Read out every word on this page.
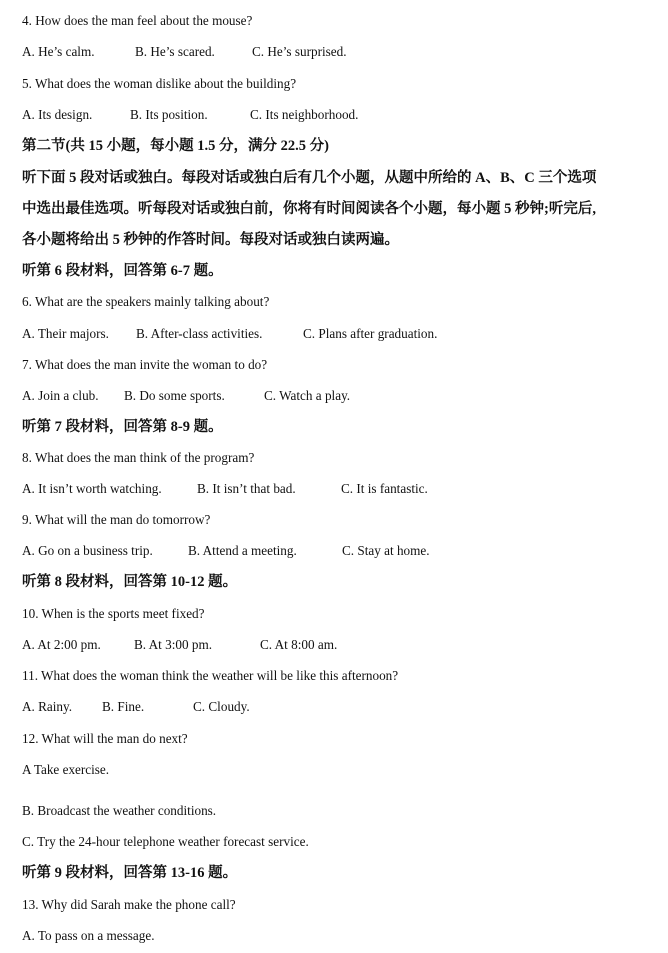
4. How does the man feel about the mouse?
A. He’s calm.	B. He’s scared.	C. He’s surprised.
5. What does the woman dislike about the building?
A. Its design.	B. Its position.	C. Its neighborhood.
第二节(共 15 小题，每小题 1.5 分，满分 22.5 分)
听下面 5 段对话或独白。每段对话或独白后有几个小题，从题中所给的 A、B、C 三个选项
中选出最佳选项。听每段对话或独白前，你将有时间阅读各个小题，每小题 5 秒钟;听完后,
各小题将给出 5 秒钟的作答时间。每段对话或独白读两遍。
听第 6 段材料，回答第 6-7 题。
6. What are the speakers mainly talking about?
A. Their majors. B. After-class activities.	C. Plans after graduation.
7. What does the man invite the woman to do?
A. Join a club. B. Do some sports.	C. Watch a play.
听第 7 段材料，回答第 8-9 题。
8. What does the man think of the program?
A. It isn’t worth watching.	B. It isn’t that bad.	C. It is fantastic.
9. What will the man do tomorrow?
A. Go on a business trip.	B. Attend a meeting.	C. Stay at home.
听第 8 段材料，回答第 10-12 题。
10. When is the sports meet fixed?
A. At 2:00 pm.	B. At 3:00 pm.	C. At 8:00 am.
11. What does the woman think the weather will be like this afternoon?
A. Rainy. B. Fine.	C. Cloudy.
12. What will the man do next?
A Take exercise.
B. Broadcast the weather conditions.
C. Try the 24-hour telephone weather forecast service.
听第 9 段材料，回答第 13-16 题。
13. Why did Sarah make the phone call?
A. To pass on a message.
